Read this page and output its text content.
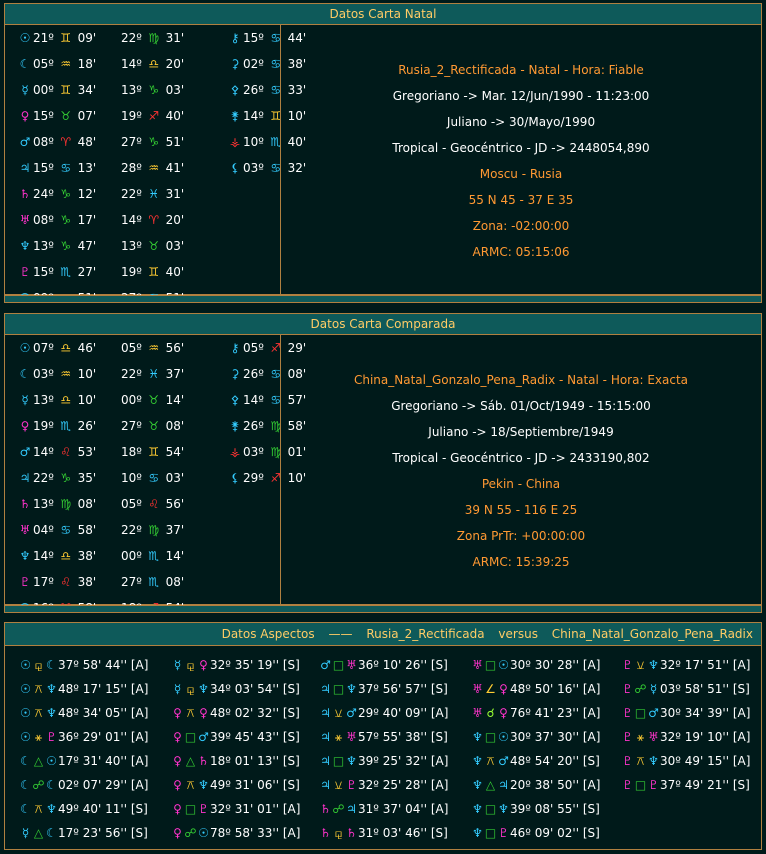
Datos Carta Natal
☉ 21º ♊ 09' 22º ♍ 31'	⚷ 15º ♋ 44'
☾ 05º ♒ 18' 14º ♎ 20'	⚳ 02º ♋ 38'
☿ 00º ♊ 34' 13º ♑ 03'	⚴ 26º ♋ 33'
♀ 15º ♉ 07' 19º ♐ 40'	⚵ 14º ♊ 10'
♂ 08º ♈ 48' 27º ♑ 51'	⚶ 10º ♏ 40'
♃ 15º ♋ 13' 28º ♒ 41'	⚸ 03º ♋ 32'
♄ 24º ♑ 12' 22º ♓ 31'
♅ 08º ♑ 17' 14º ♈ 20'
♆ 13º ♑ 47' 13º ♉ 03'
♇ 15º ♏ 27' 19º ♊ 40'
Rusia_2_Rectificada - Natal - Hora: Fiable
Gregoriano -> Mar. 12/Jun/1990 - 11:23:00
Juliano -> 30/Mayo/1990
Tropical - Geocéntrico - JD -> 2448054,890
Moscu - Rusia
55 N 45 - 37 E 35
Zona: -02:00:00
ARMC: 05:15:06
Datos Carta Comparada
☉ 07º ♎ 46' 05º ♒ 56'	⚷ 05º ♐ 29'
☾ 03º ♒ 10' 22º ♓ 37'	⚳ 26º ♋ 08'
☿ 13º ♎ 10' 00º ♉ 14'	⚴ 14º ♋ 57'
♀ 19º ♏ 26' 27º ♉ 08'	⚵ 26º ♍ 58'
♂ 14º ♌ 53' 18º ♊ 54'	⚶ 03º ♍ 01'
♃ 22º ♑ 35' 10º ♋ 03'	⚸ 29º ♐ 10'
♄ 13º ♍ 08' 05º ♌ 56'
♅ 04º ♋ 58' 22º ♍ 37'
♆ 14º ♎ 38' 00º ♏ 14'
♇ 17º ♌ 38' 27º ♏ 08'
China_Natal_Gonzalo_Pena_Radix - Natal - Hora: Exacta
Gregoriano -> Sáb. 01/Oct/1949 - 15:15:00
Juliano -> 18/Septiembre/1949
Tropical - Geocéntrico - JD -> 2433190,802
Pekin - China
39 N 55 - 116 E 25
Zona PrTr: +00:00:00
ARMC: 15:39:25
Datos Aspectos —— Rusia_2_Rectificada versus China_Natal_Gonzalo_Pena_Radix
☉ ⚼ ☾37º 58' 44'' [A]
☉ ⚻ ♆48º 17' 15'' [A]
☉ ⚻ ♆48º 34' 05'' [A]
☉ ⚹ ♇36º 29' 01'' [A]
☾ △ ☉17º 31' 40'' [A]
☾ ☍ ☾02º 07' 29'' [A]
☾ ⚻ ♆49º 40' 11'' [S]
☿ △ ☾17º 23' 56'' [S]
☿ ⚼ ♀ 32º 35' 19'' [S]
☿ ⚼ ♆34º 03' 54'' [S]
♀ ⚻ ♀ 48º 02' 32'' [S]
♀ □ ♂39º 45' 43'' [S]
♀ △ ♄18º 01' 13'' [S]
♀ ⚻ ♆49º 31' 06'' [S]
♀ □ ♇32º 31' 01'' [A]
♀ ☍ ☉78º 58' 33'' [A]
♂ □ ♅36º 10' 26'' [S]
♃ □ ♆37º 56' 57'' [S]
♃ ⚺ ♂29º 40' 09'' [A]
♃ ⚹ ♅57º 55' 38'' [S]
♃ □ ♆39º 25' 32'' [A]
♃ ⚺ ♇32º 25' 28'' [A]
♄ ☍ ♃31º 37' 04'' [A]
♄ ⚼ ♄31º 03' 46'' [S]
♅ □ ☉30º 30' 28'' [A]
♅ ∠ ♀ 48º 50' 16'' [A]
♅ ☌ ♀ 76º 41' 23'' [A]
♆ □ ☉30º 37' 30'' [A]
♆ ⚻ ♂48º 54' 20'' [S]
♆ △ ♃20º 38' 50'' [A]
♆ □ ♆39º 08' 55'' [S]
♆ □ ♇46º 09' 02'' [S]
♇ ⚺ ♆32º 17' 51'' [A]
♇ ☍ ☿ 03º 58' 51'' [S]
♇ □ ♂30º 34' 39'' [A]
♇ ⚹ ♅32º 19' 10'' [A]
♇ ⚻ ♆30º 49' 15'' [A]
♇ □ ♇37º 49' 21'' [S]
